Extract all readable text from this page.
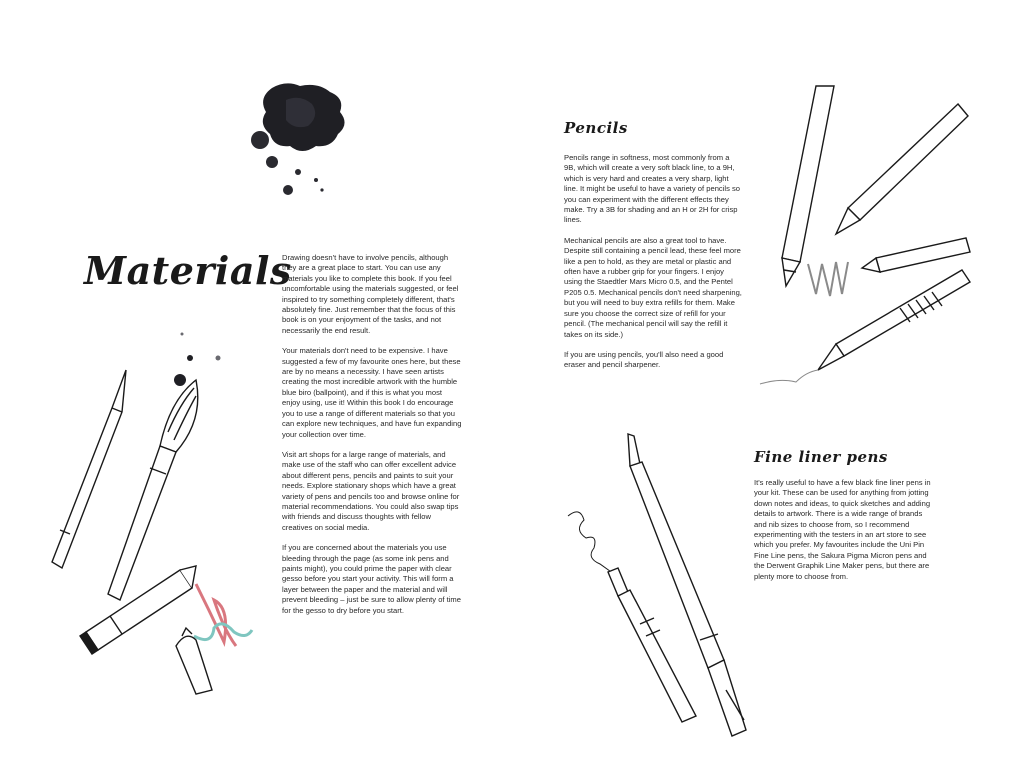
Materials

Drawing doesn't have to involve pencils, although they are a great place to start. You can use any materials you like to complete this book. If you feel uncomfortable using the materials suggested, or feel inspired to try something completely different, that's absolutely fine. Just remember that the focus of this book is on your enjoyment of the tasks, and not necessarily the end result.

Your materials don't need to be expensive. I have suggested a few of my favourite ones here, but these are by no means a necessity. I have seen artists creating the most incredible artwork with the humble blue biro (ballpoint), and if this is what you most enjoy using, use it! Within this book I do encourage you to use a range of different materials so that you can explore new techniques, and have fun expanding your collection over time.

Visit art shops for a large range of materials, and make use of the staff who can offer excellent advice about different pens, pencils and paints to suit your needs. Explore stationary shops which have a great variety of pens and pencils too and browse online for material recommendations. You could also swap tips with friends and discuss thoughts with fellow creatives on social media.

If you are concerned about the materials you use bleeding through the page (as some ink pens and paints might), you could prime the paper with clear gesso before you start your activity. This will form a layer between the paper and the material and will prevent bleeding – just be sure to allow plenty of time for the gesso to dry before you start.

Pencils

Pencils range in softness, most commonly from a 9B, which will create a very soft black line, to a 9H, which is very hard and creates a very sharp, light line. It might be useful to have a variety of pencils so you can experiment with the different effects they make. Try a 3B for shading and an H or 2H for crisp lines.

Mechanical pencils are also a great tool to have. Despite still containing a pencil lead, these feel more like a pen to hold, as they are metal or plastic and often have a rubber grip for your fingers. I enjoy using the Staedtler Mars Micro 0.5, and the Pentel P205 0.5. Mechanical pencils don't need sharpening, but you will need to buy extra refills for them. Make sure you choose the correct size of refill for your pencil. (The mechanical pencil will say the refill it takes on its side.)

If you are using pencils, you'll also need a good eraser and pencil sharpener.

Fine liner pens

It's really useful to have a few black fine liner pens in your kit. These can be used for anything from jotting down notes and ideas, to quick sketches and adding details to artwork. There is a wide range of brands and nib sizes to choose from, so I recommend experimenting with the testers in an art store to see which you prefer. My favourites include the Uni Pin Fine Line pens, the Sakura Pigma Micron pens and the Derwent Graphik Line Maker pens, but there are plenty more to choose from.
